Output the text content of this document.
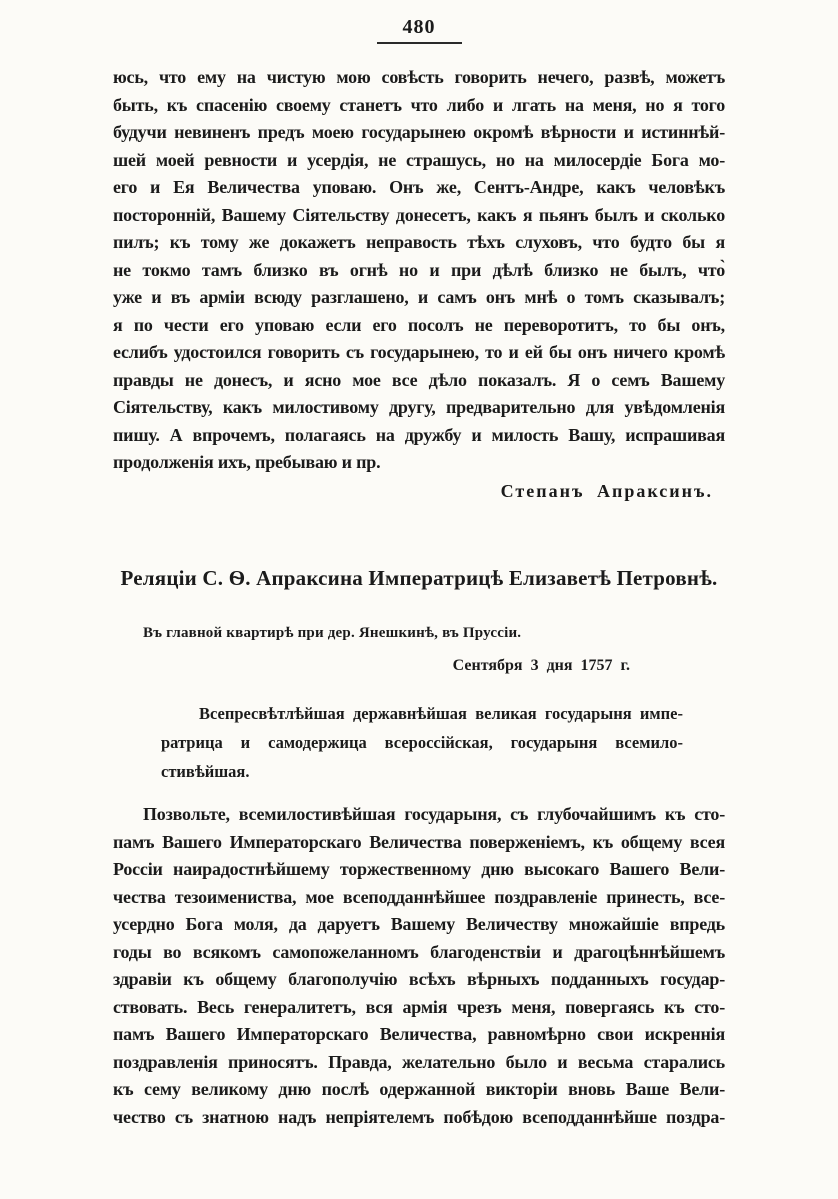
480
юсь, что ему на чистую мою совѣсть говорить нечего, развѣ, можетъ
быть, къ спасенію своему станетъ что либо и лгать на меня, но я того
будучи невиненъ предъ моею государынею окромѣ вѣрности и истиннѣй-
шей моей ревности и усердія, не страшусь, но на милосердіе Бога мо-
его и Ея Величества уповаю. Онъ же, Сентъ-Андре, какъ человѣкъ
посторонній, Вашему Сіятельству донесетъ, какъ я пьянъ былъ и сколько
пилъ; къ тому же докажетъ неправость тѣхъ слуховъ, что будто бы я
не токмо тамъ близко въ огнѣ но и при дѣлѣ близко не былъ, что̀
уже и въ арміи всюду разглашено, и самъ онъ мнѣ о томъ сказывалъ;
я по чести его уповаю если его посолъ не переворотитъ, то бы онъ,
еслибъ удостоился говорить съ государынею, то и ей бы онъ ничего кромѣ
правды не донесъ, и ясно мое все дѣло показалъ. Я о семъ Вашему
Сіятельству, какъ милостивому другу, предварительно для увѣдомленія
пишу. А впрочемъ, полагаясь на дружбу и милость Вашу, испрашивая
продолженія ихъ, пребываю и пр.
Степанъ Апраксинъ.
Реляціи С. Ѳ. Апраксина Императрицѣ Елизаветѣ Петровнѣ.
Въ главной квартирѣ при дер. Янешкинѣ, въ Пруссіи.
Сентября 3 дня 1757 г.
Всепресвѣтлѣйшая державнѣйшая великая государыня импе-
ратрица и самодержица всероссійская, государыня всемило-
стивѣйшая.
Позвольте, всемилостивѣйшая государыня, съ глубочайшимъ къ сто-
памъ Вашего Императорскаго Величества поверженіемъ, къ общему всея
Россіи наирадостнѣйшему торжественному дню высокаго Вашего Вели-
чества тезоимениства, мое всеподданнѣйшее поздравленіе принесть, все-
усердно Бога моля, да даруетъ Вашему Величеству множайшіе впредь
годы во всякомъ самопожеланномъ благоденствіи и драгоцѣннѣйшемъ
здравіи къ общему благополучію всѣхъ вѣрныхъ подданныхъ государ-
ствовать. Весь генералитетъ, вся армія чрезъ меня, повергаясь къ сто-
памъ Вашего Императорскаго Величества, равномѣрно свои искреннія
поздравленія приносятъ. Правда, желательно было и весьма старались
къ сему великому дню послѣ одержанной викторіи вновь Ваше Вели-
чество съ знатною надъ непріятелемъ побѣдою всеподданнѣйше поздра-
